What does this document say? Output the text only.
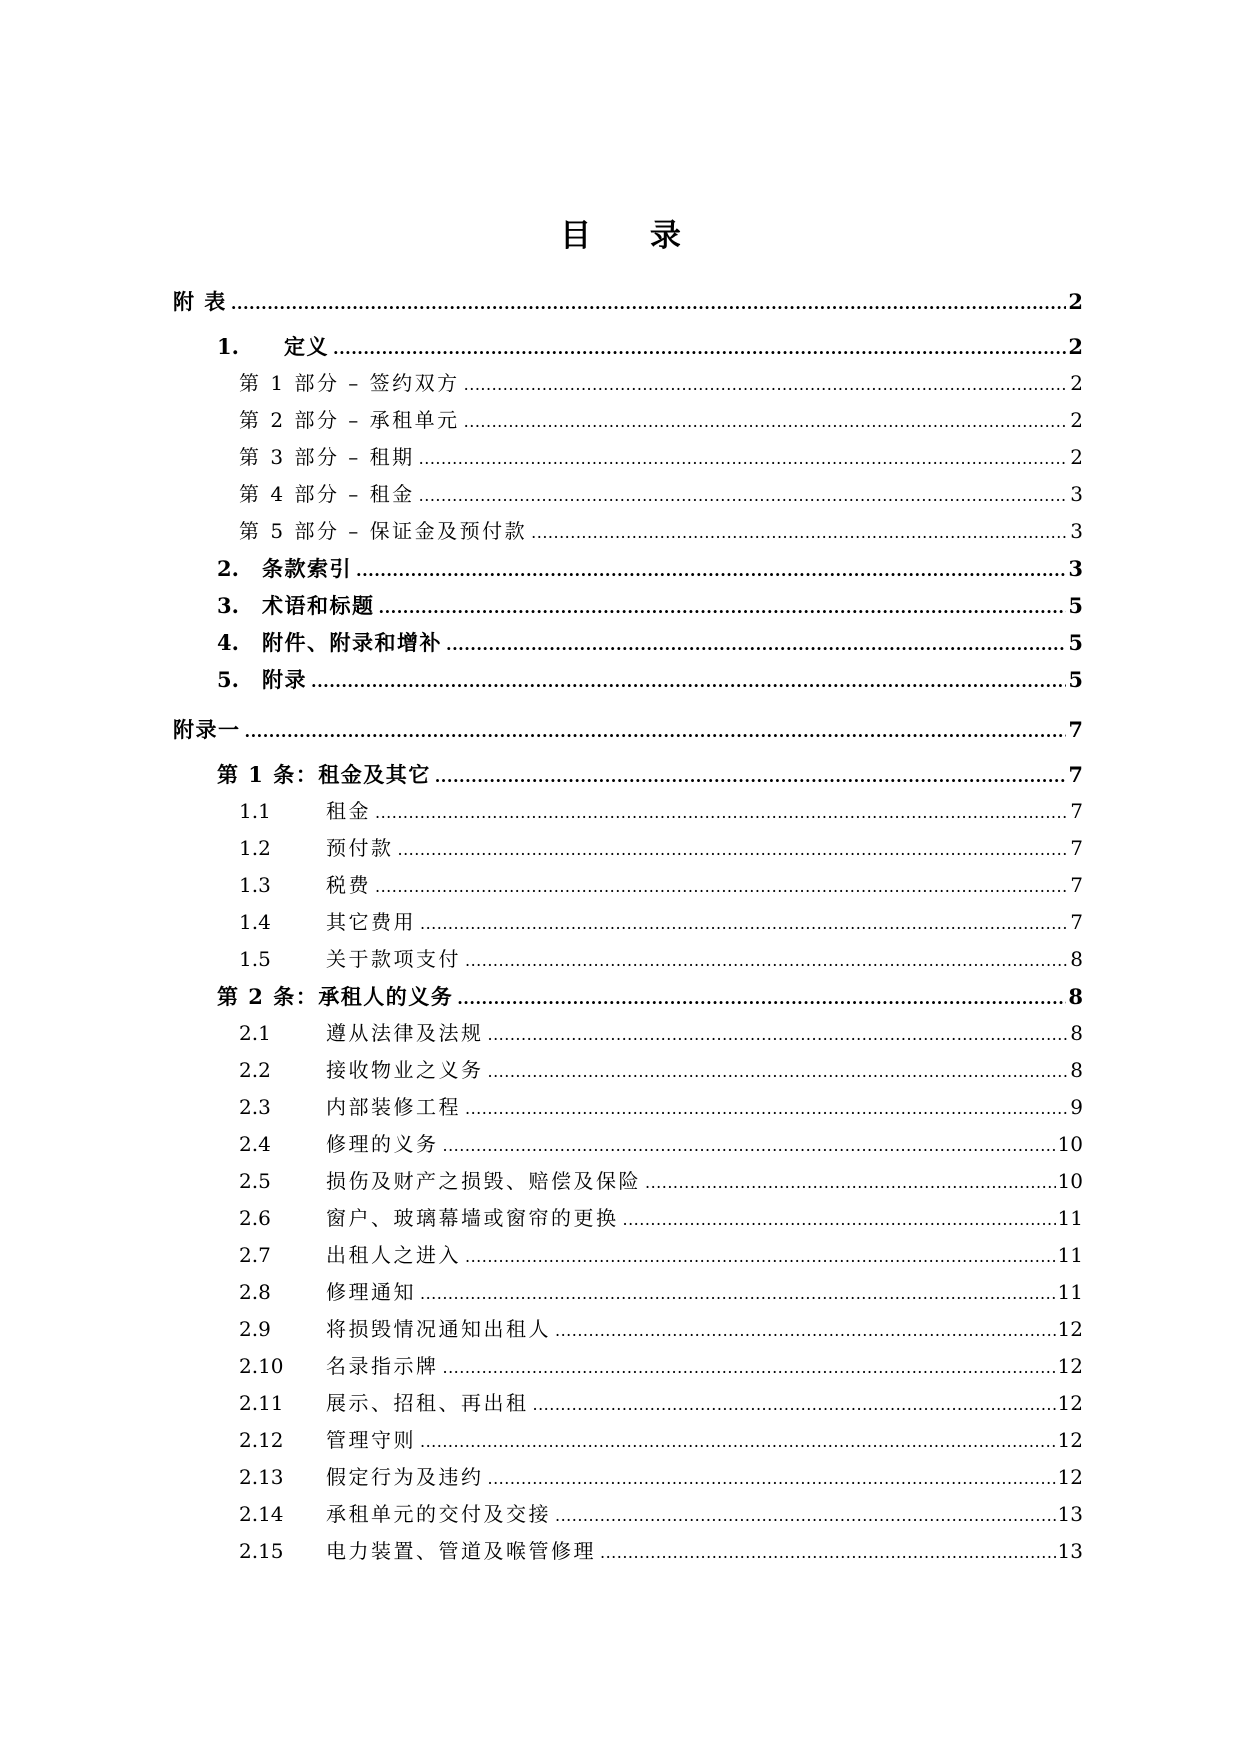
目 录
附 表 .....	2
1.	定义 .....	2
第 1 部分 – 签约双方 .....	2
第 2 部分 – 承租单元 .....	2
第 3 部分 – 租期 .....	2
第 4 部分 – 租金 .....	3
第 5 部分 – 保证金及预付款 .....	3
2.	条款索引 .....	3
3.	术语和标题 .....	5
4.	附件、附录和增补 .....	5
5.	附录 .....	5
附录一 .....	7
第 1 条：租金及其它 .....	7
1.1	租金 .....	7
1.2	预付款 .....	7
1.3	税费 .....	7
1.4	其它费用 .....	7
1.5	关于款项支付 .....	8
第 2 条：承租人的义务 .....	8
2.1	遵从法律及法规 .....	8
2.2	接收物业之义务 .....	8
2.3	内部装修工程 .....	9
2.4	修理的义务 .....	10
2.5	损伤及财产之损毁、赔偿及保险 .....	10
2.6	窗户、玻璃幕墙或窗帘的更换 .....	11
2.7	出租人之进入 .....	11
2.8	修理通知 .....	11
2.9	将损毁情况通知出租人 .....	12
2.10	名录指示牌 .....	12
2.11	展示、招租、再出租 .....	12
2.12	管理守则 .....	12
2.13	假定行为及违约 .....	12
2.14	承租单元的交付及交接 .....	13
2.15	电力装置、管道及喉管修理 .....	13
